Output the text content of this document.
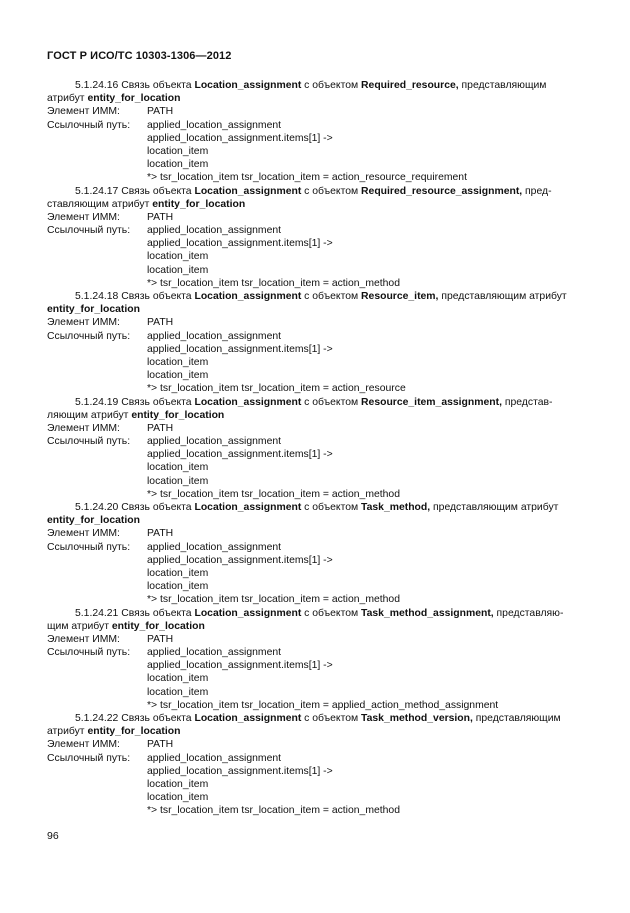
ГОСТ Р ИСО/ТС 10303-1306—2012
5.1.24.16 Связь объекта Location_assignment с объектом Required_resource, представляющим
атрибут entity_for_location
Элемент ИММ:	PATH
Ссылочный путь:	applied_location_assignment
applied_location_assignment.items[1] ->
location_item
location_item
*> tsr_location_item tsr_location_item = action_resource_requirement
5.1.24.17 Связь объекта Location_assignment с объектом Required_resource_assignment, пред-
ставляющим атрибут entity_for_location
Элемент ИММ:	PATH
Ссылочный путь:	applied_location_assignment
applied_location_assignment.items[1] ->
location_item
location_item
*> tsr_location_item tsr_location_item = action_method
5.1.24.18 Связь объекта Location_assignment с объектом Resource_item, представляющим атрибут
entity_for_location
Элемент ИММ:	PATH
Ссылочный путь:	applied_location_assignment
applied_location_assignment.items[1] ->
location_item
location_item
*> tsr_location_item tsr_location_item = action_resource
5.1.24.19 Связь объекта Location_assignment с объектом Resource_item_assignment, представ-
ляющим атрибут entity_for_location
Элемент ИММ:	PATH
Ссылочный путь:	applied_location_assignment
applied_location_assignment.items[1] ->
location_item
location_item
*> tsr_location_item tsr_location_item = action_method
5.1.24.20 Связь объекта Location_assignment с объектом Task_method, представляющим атрибут
entity_for_location
Элемент ИММ:	PATH
Ссылочный путь:	applied_location_assignment
applied_location_assignment.items[1] ->
location_item
location_item
*> tsr_location_item tsr_location_item = action_method
5.1.24.21 Связь объекта Location_assignment с объектом Task_method_assignment, представляю-
щим атрибут entity_for_location
Элемент ИММ:	PATH
Ссылочный путь:	applied_location_assignment
applied_location_assignment.items[1] ->
location_item
location_item
*> tsr_location_item tsr_location_item = applied_action_method_assignment
5.1.24.22 Связь объекта Location_assignment с объектом Task_method_version, представляющим
атрибут entity_for_location
Элемент ИММ:	PATH
Ссылочный путь:	applied_location_assignment
applied_location_assignment.items[1] ->
location_item
location_item
*> tsr_location_item tsr_location_item = action_method
96
